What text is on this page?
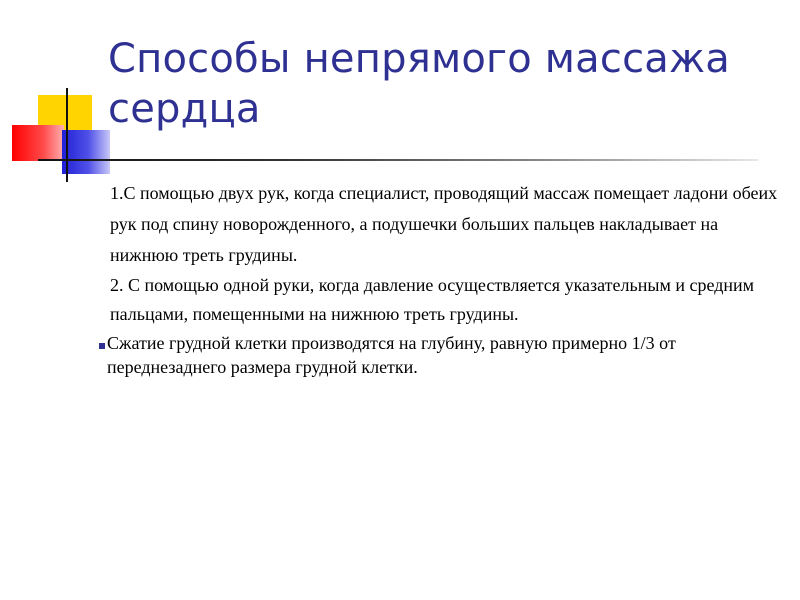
Способы непрямого массажа сердца

1.С помощью двух рук, когда специалист, проводящий массаж помещает ладони обеих рук под спину новорожденного, а подушечки больших пальцев накладывает на нижнюю треть грудины.

2. С помощью одной руки, когда давление осуществляется указательным и средним пальцами, помещенными на нижнюю треть грудины.

Сжатие грудной клетки производятся на глубину, равную примерно 1/3 от переднезаднего размера грудной клетки.
